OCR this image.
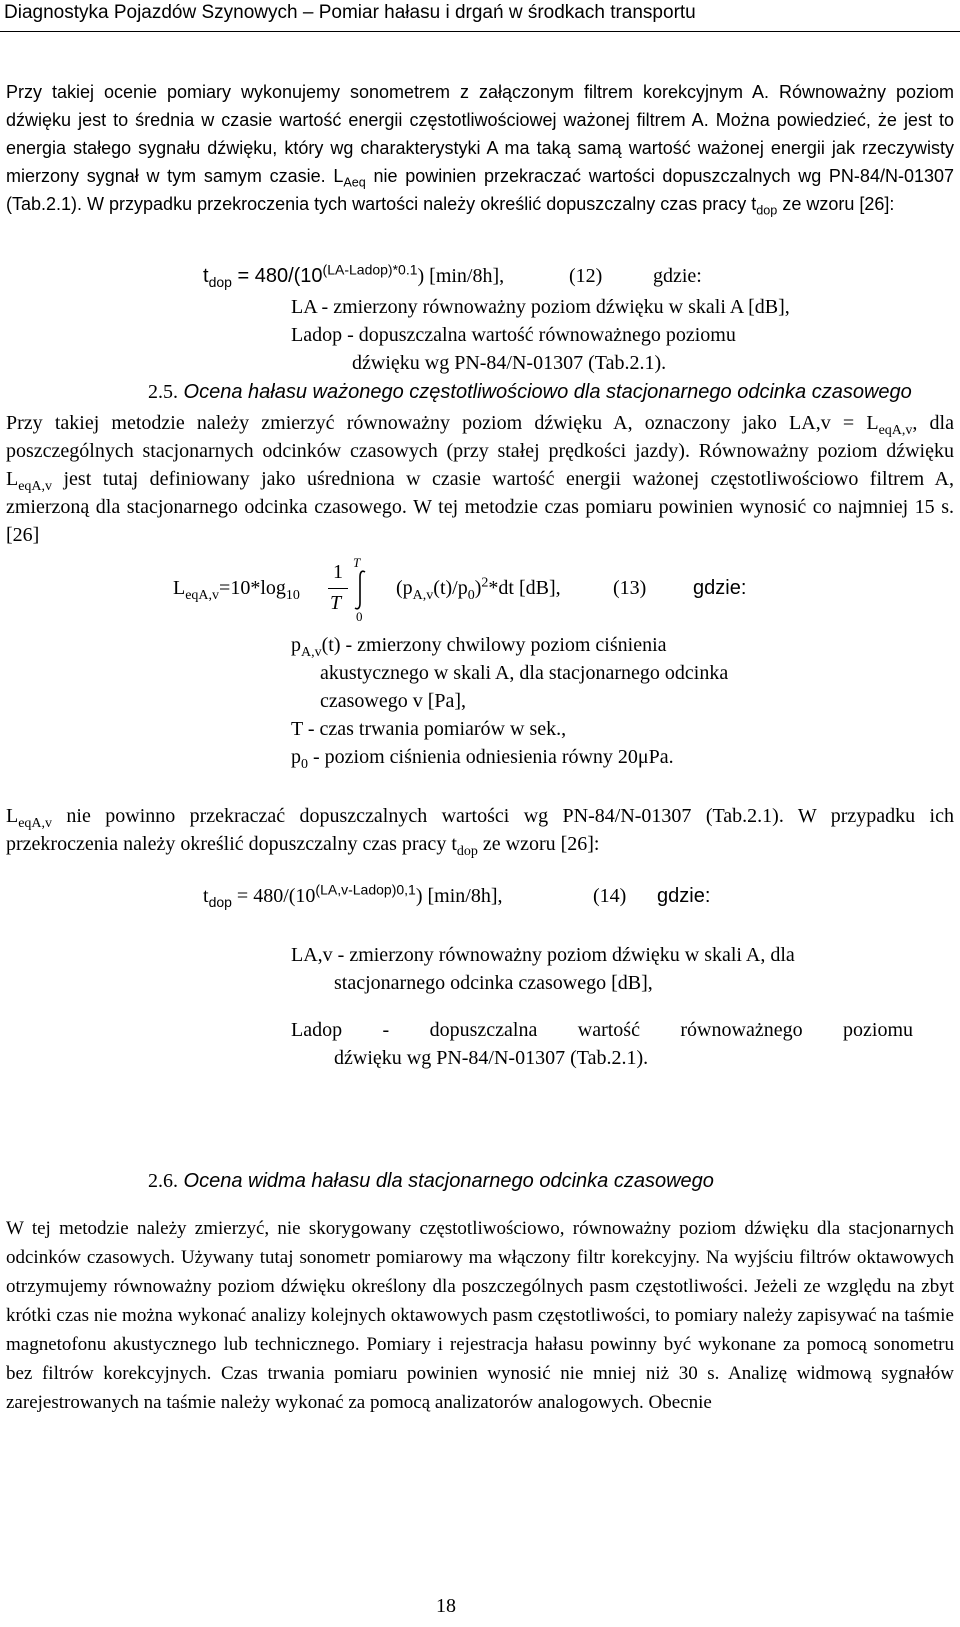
Diagnostyka Pojazdów Szynowych – Pomiar hałasu i drgań w środkach transportu

Przy takiej ocenie pomiary wykonujemy sonometrem z załączonym filtrem korekcyjnym A. Równoważny poziom dźwięku jest to średnia w czasie wartość energii częstotliwościowej ważonej filtrem A. Można powiedzieć, że jest to energia stałego sygnału dźwięku, który wg charakterystyki A ma taką samą wartość ważonej energii jak rzeczywisty mierzony sygnał w tym samym czasie. $L_{Aeq}$ nie powinien przekraczać wartości dopuszczalnych wg PN-84/N-01307 (Tab.2.1). W przypadku przekroczenia tych wartości należy określić dopuszczalny czas pracy $t_{dop}$ ze wzoru [26]:

$t_{dop} = 480/(10^{(LA-Ladop)*0.1})$ [min/8h],	(12)	gdzie:
LA - zmierzony równoważny poziom dźwięku w skali A [dB],
Ladop - dopuszczalna wartość równoważnego poziomu
dźwięku wg PN-84/N-01307 (Tab.2.1).
2.5. Ocena hałasu ważonego częstotliwościowo dla stacjonarnego odcinka czasowego

Przy takiej metodzie należy zmierzyć równoważny poziom dźwięku A, oznaczony jako $LA,v = L_{eqA,v}$, dla poszczególnych stacjonarnych odcinków czasowych (przy stałej prędkości jazdy). Równoważny poziom dźwięku $L_{eqA,v}$ jest tutaj definiowany jako uśredniona w czasie wartość energii ważonej częstotliwościowo filtrem A, zmierzoną dla stacjonarnego odcinka czasowego. W tej metodzie czas pomiaru powinien wynosić co najmniej 15 s. [26]

$L_{eqA,v}=10*\log_{10}$
1
T
T
0
$(p_{A,v}(t)/p_0)^2*dt$ [dB],	(13) gdzie:
$p_{A,v}(t)$ - zmierzony chwilowy poziom ciśnienia
akustycznego w skali A, dla stacjonarnego odcinka
czasowego v [Pa],
T - czas trwania pomiarów w sek.,
$p_0$ - poziom ciśnienia odniesienia równy 20μPa.

$L_{eqA,v}$ nie powinno przekraczać dopuszczalnych wartości wg PN-84/N-01307 (Tab.2.1). W przypadku ich przekroczenia należy określić dopuszczalny czas pracy $t_{dop}$ ze wzoru [26]:

$t_{dop} = 480/(10^{(LA,v-Ladop)0,1})$ [min/8h],	(14) gdzie:
LA,v - zmierzony równoważny poziom dźwięku w skali A, dla
stacjonarnego odcinka czasowego [dB],
Ladop - dopuszczalna wartość równoważnego poziomu
dźwięku wg PN-84/N-01307 (Tab.2.1).
2.6. Ocena widma hałasu dla stacjonarnego odcinka czasowego

W tej metodzie należy zmierzyć, nie skorygowany częstotliwościowo, równoważny poziom dźwięku dla stacjonarnych odcinków czasowych. Używany tutaj sonometr pomiarowy ma włączony filtr korekcyjny. Na wyjściu filtrów oktawowych otrzymujemy równoważny poziom dźwięku określony dla poszczególnych pasm częstotliwości. Jeżeli ze względu na zbyt krótki czas nie można wykonać analizy kolejnych oktawowych pasm częstotliwości, to pomiary należy zapisywać na taśmie magnetofonu akustycznego lub technicznego. Pomiary i rejestracja hałasu powinny być wykonane za pomocą sonometru bez filtrów korekcyjnych. Czas trwania pomiaru powinien wynosić nie mniej niż 30 s. Analizę widmową sygnałów zarejestrowanych na taśmie należy wykonać za pomocą analizatorów analogowych. Obecnie

18
